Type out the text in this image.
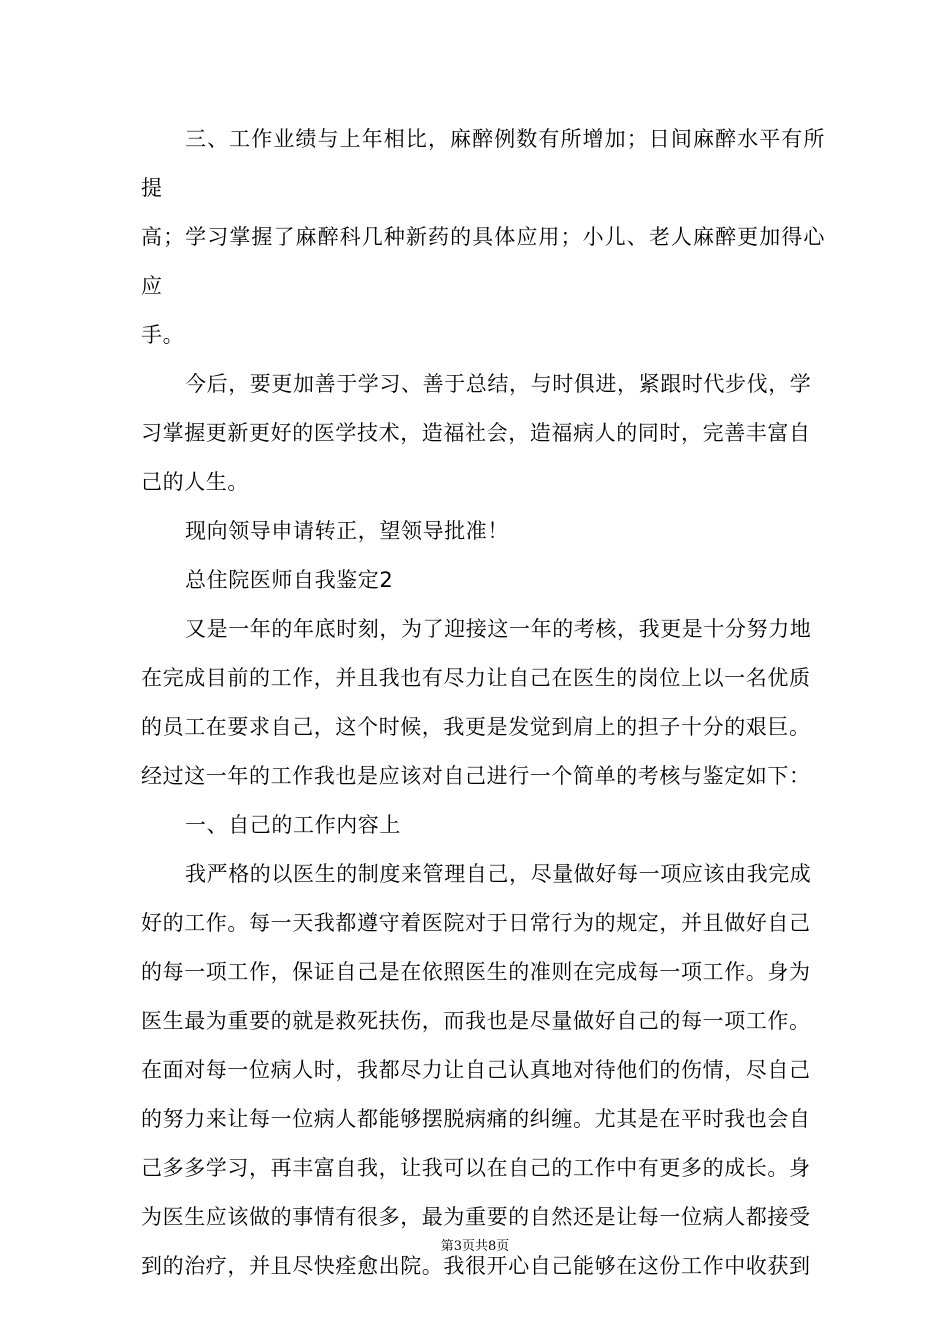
三、工作业绩与上年相比，麻醉例数有所增加；日间麻醉水平有所提
高；学习掌握了麻醉科几种新药的具体应用；小儿、老人麻醉更加得心应
手。

今后，要更加善于学习、善于总结，与时俱进，紧跟时代步伐，学
习掌握更新更好的医学技术，造福社会，造福病人的同时，完善丰富自
己的人生。

现向领导申请转正，望领导批准！

总住院医师自我鉴定2

又是一年的年底时刻，为了迎接这一年的考核，我更是十分努力地
在完成目前的工作，并且我也有尽力让自己在医生的岗位上以一名优质
的员工在要求自己，这个时候，我更是发觉到肩上的担子十分的艰巨。
经过这一年的工作我也是应该对自己进行一个简单的考核与鉴定如下：

一、自己的工作内容上

我严格的以医生的制度来管理自己，尽量做好每一项应该由我完成
好的工作。每一天我都遵守着医院对于日常行为的规定，并且做好自己
的每一项工作，保证自己是在依照医生的准则在完成每一项工作。身为
医生最为重要的就是救死扶伤，而我也是尽量做好自己的每一项工作。
在面对每一位病人时，我都尽力让自己认真地对待他们的伤情，尽自己
的努力来让每一位病人都能够摆脱病痛的纠缠。尤其是在平时我也会自
己多多学习，再丰富自我，让我可以在自己的工作中有更多的成长。身
为医生应该做的事情有很多，最为重要的自然还是让每一位病人都接受
到的治疗，并且尽快痊愈出院。我很开心自己能够在这份工作中收获到

第3页共8页
